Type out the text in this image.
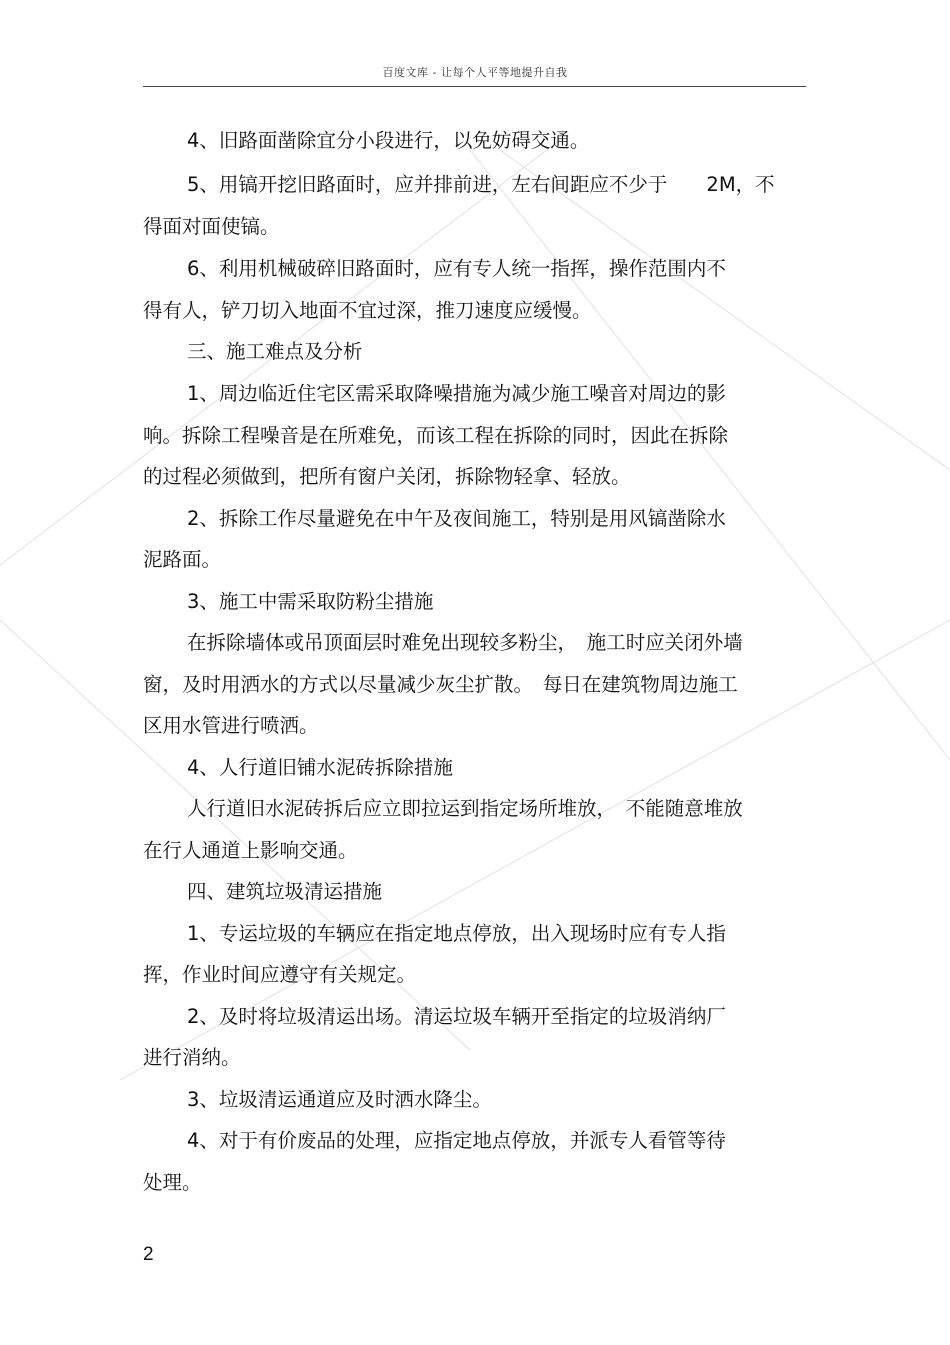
百度文库 - 让每个人平等地提升自我
4、旧路面凿除宜分小段进行，以免妨碍交通。
5、用镐开挖旧路面时，应并排前进，左右间距应不少于　　2M，不
得面对面使镐。
6、利用机械破碎旧路面时，应有专人统一指挥，操作范围内不
得有人，铲刀切入地面不宜过深，推刀速度应缓慢。
三、施工难点及分析
1、周边临近住宅区需采取降噪措施为减少施工噪音对周边的影
响。拆除工程噪音是在所难免，而该工程在拆除的同时，因此在拆除
的过程必须做到，把所有窗户关闭，拆除物轻拿、轻放。
2、拆除工作尽量避免在中午及夜间施工，特别是用风镐凿除水
泥路面。
3、施工中需采取防粉尘措施
在拆除墙体或吊顶面层时难免出现较多粉尘，　施工时应关闭外墙
窗，及时用洒水的方式以尽量减少灰尘扩散。　每日在建筑物周边施工
区用水管进行喷洒。
4、人行道旧铺水泥砖拆除措施
人行道旧水泥砖拆后应立即拉运到指定场所堆放，　不能随意堆放
在行人通道上影响交通。
四、建筑垃圾清运措施
1、专运垃圾的车辆应在指定地点停放，出入现场时应有专人指
挥，作业时间应遵守有关规定。
2、及时将垃圾清运出场。清运垃圾车辆开至指定的垃圾消纳厂
进行消纳。
3、垃圾清运通道应及时洒水降尘。
4、对于有价废品的处理，应指定地点停放，并派专人看管等待
处理。
2
